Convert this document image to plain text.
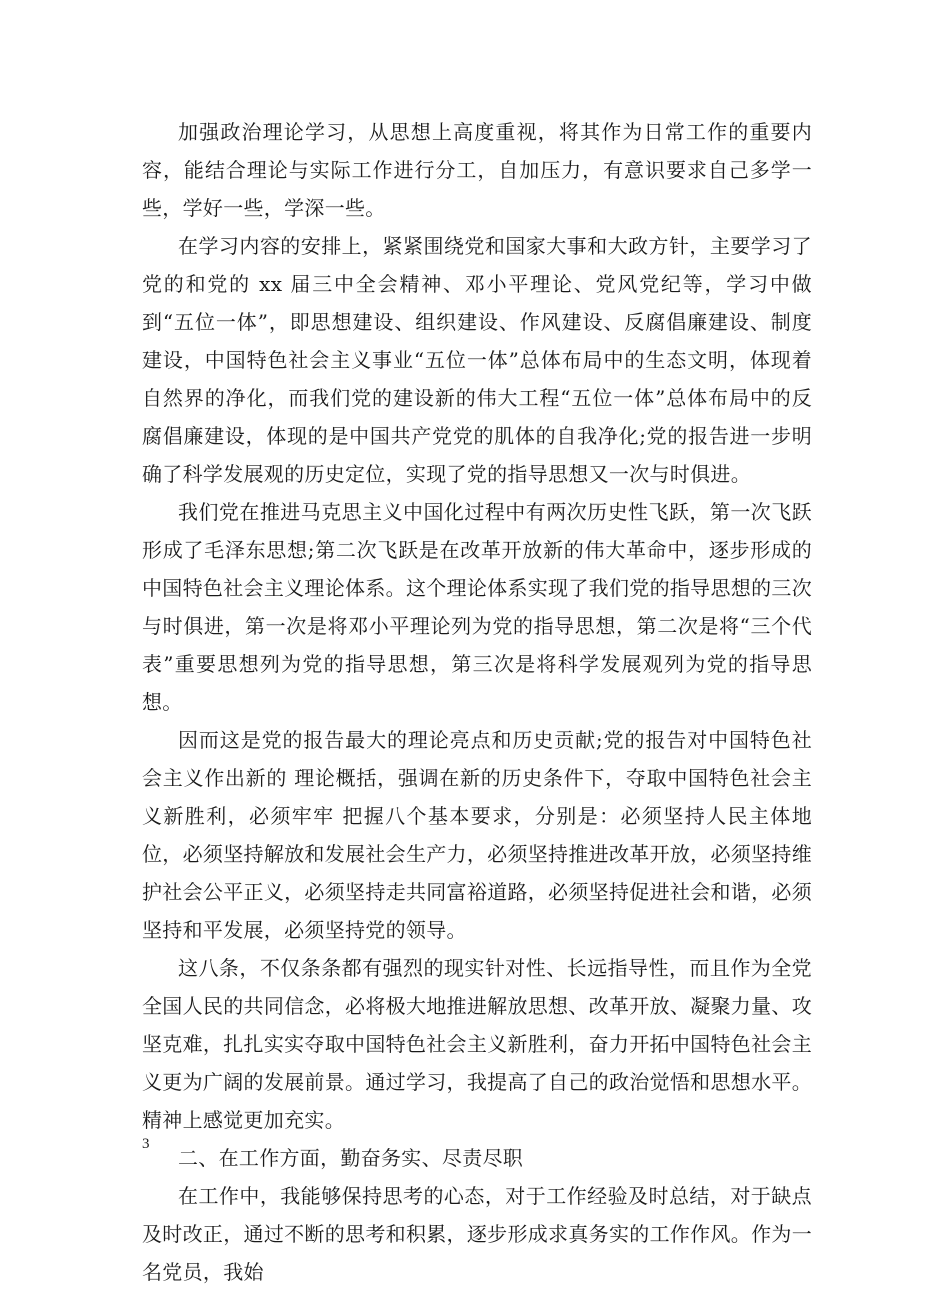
加强政治理论学习，从思想上高度重视，将其作为日常工作的重要内容，能结合理论与实际工作进行分工，自加压力，有意识要求自己多学一些，学好一些，学深一些。

在学习内容的安排上，紧紧围绕党和国家大事和大政方针，主要学习了党的和党的 xx 届三中全会精神、邓小平理论、党风党纪等，学习中做到“五位一体”，即思想建设、组织建设、作风建设、反腐倡廉建设、制度建设，中国特色社会主义事业“五位一体”总体布局中的生态文明，体现着自然界的净化，而我们党的建设新的伟大工程“五位一体”总体布局中的反腐倡廉建设，体现的是中国共产党党的肌体的自我净化;党的报告进一步明确了科学发展观的历史定位，实现了党的指导思想又一次与时俱进。

我们党在推进马克思主义中国化过程中有两次历史性飞跃，第一次飞跃形成了毛泽东思想;第二次飞跃是在改革开放新的伟大革命中，逐步形成的中国特色社会主义理论体系。这个理论体系实现了我们党的指导思想的三次与时俱进，第一次是将邓小平理论列为党的指导思想，第二次是将“三个代表”重要思想列为党的指导思想，第三次是将科学发展观列为党的指导思想。

因而这是党的报告最大的理论亮点和历史贡献;党的报告对中国特色社会主义作出新的 理论概括，强调在新的历史条件下，夺取中国特色社会主义新胜利，必须牢牢 把握八个基本要求，分别是：必须坚持人民主体地位，必须坚持解放和发展社会生产力，必须坚持推进改革开放，必须坚持维护社会公平正义，必须坚持走共同富裕道路，必须坚持促进社会和谐，必须坚持和平发展，必须坚持党的领导。

这八条，不仅条条都有强烈的现实针对性、长远指导性，而且作为全党全国人民的共同信念，必将极大地推进解放思想、改革开放、凝聚力量、攻坚克难，扎扎实实夺取中国特色社会主义新胜利，奋力开拓中国特色社会主义更为广阔的发展前景。通过学习，我提高了自己的政治觉悟和思想水平。精神上感觉更加充实。

二、在工作方面，勤奋务实、尽责尽职

在工作中，我能够保持思考的心态，对于工作经验及时总结，对于缺点及时改正，通过不断的思考和积累，逐步形成求真务实的工作作风。作为一名党员，我始

3
